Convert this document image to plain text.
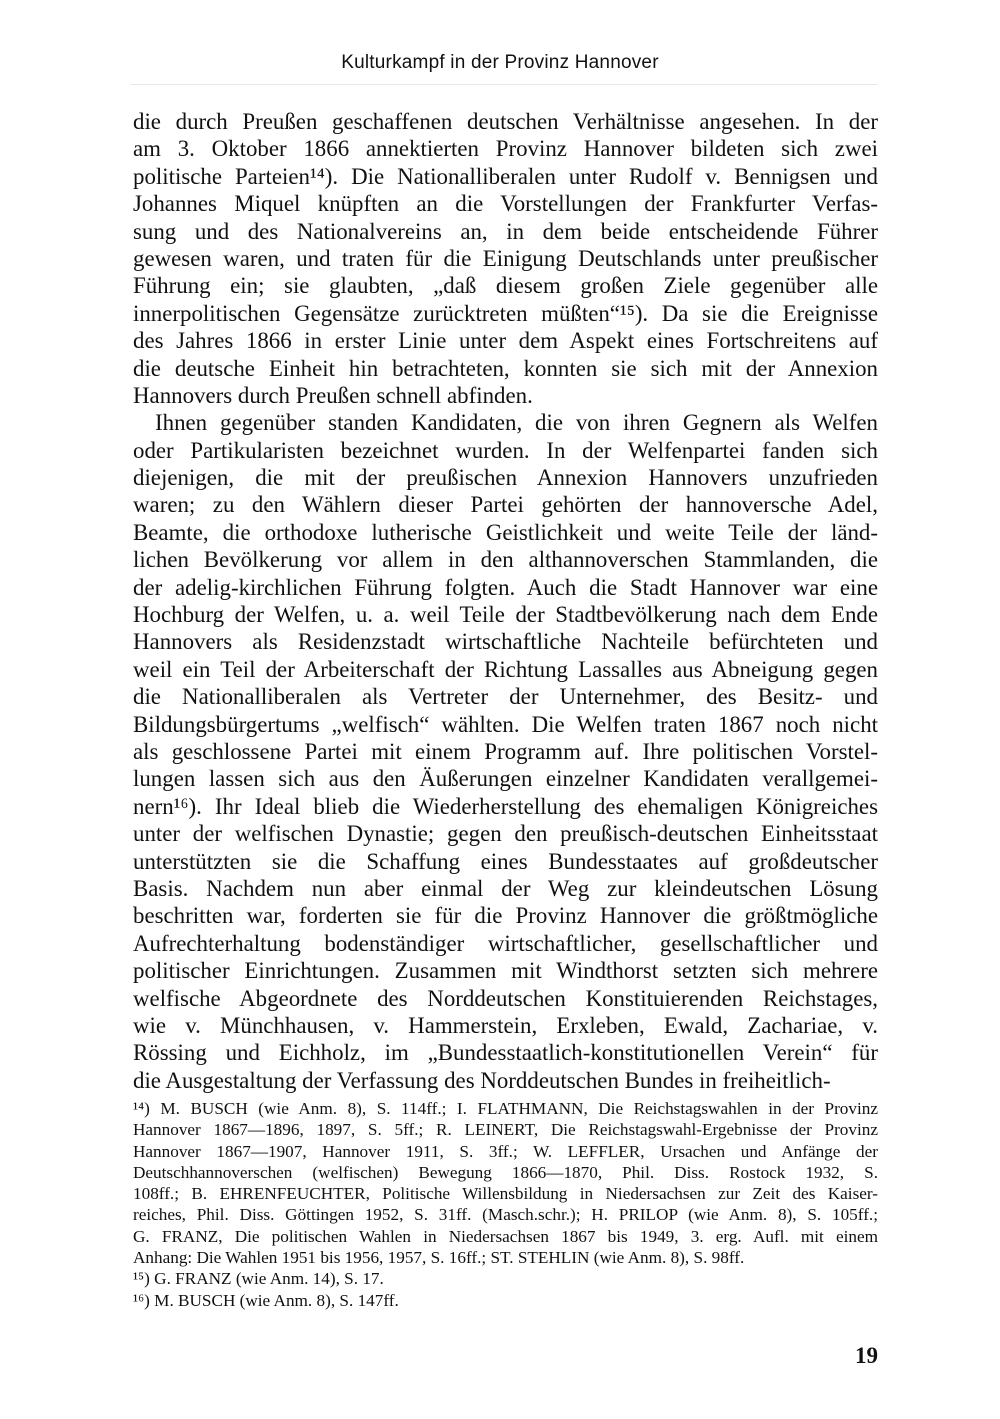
Kulturkampf in der Provinz Hannover
die durch Preußen geschaffenen deutschen Verhältnisse angesehen. In der
am 3. Oktober 1866 annektierten Provinz Hannover bildeten sich zwei
politische Parteien¹⁴). Die Nationalliberalen unter Rudolf v. Bennigsen und
Johannes Miquel knüpften an die Vorstellungen der Frankfurter Verfas-
sung und des Nationalvereins an, in dem beide entscheidende Führer
gewesen waren, und traten für die Einigung Deutschlands unter preußischer
Führung ein; sie glaubten, „daß diesem großen Ziele gegenüber alle
innerpolitischen Gegensätze zurücktreten müßten“¹⁵). Da sie die Ereignisse
des Jahres 1866 in erster Linie unter dem Aspekt eines Fortschreitens auf
die deutsche Einheit hin betrachteten, konnten sie sich mit der Annexion
Hannovers durch Preußen schnell abfinden.
Ihnen gegenüber standen Kandidaten, die von ihren Gegnern als Welfen
oder Partikularisten bezeichnet wurden. In der Welfenpartei fanden sich
diejenigen, die mit der preußischen Annexion Hannovers unzufrieden
waren; zu den Wählern dieser Partei gehörten der hannoversche Adel,
Beamte, die orthodoxe lutherische Geistlichkeit und weite Teile der länd-
lichen Bevölkerung vor allem in den althannoverschen Stammlanden, die
der adelig-kirchlichen Führung folgten. Auch die Stadt Hannover war eine
Hochburg der Welfen, u. a. weil Teile der Stadtbevölkerung nach dem Ende
Hannovers als Residenzstadt wirtschaftliche Nachteile befürchteten und
weil ein Teil der Arbeiterschaft der Richtung Lassalles aus Abneigung gegen
die Nationalliberalen als Vertreter der Unternehmer, des Besitz- und
Bildungsbürgertums „welfisch“ wählten. Die Welfen traten 1867 noch nicht
als geschlossene Partei mit einem Programm auf. Ihre politischen Vorstel-
lungen lassen sich aus den Äußerungen einzelner Kandidaten verallgemei-
nern¹⁶). Ihr Ideal blieb die Wiederherstellung des ehemaligen Königreiches
unter der welfischen Dynastie; gegen den preußisch-deutschen Einheitsstaat
unterstützten sie die Schaffung eines Bundesstaates auf großdeutscher
Basis. Nachdem nun aber einmal der Weg zur kleindeutschen Lösung
beschritten war, forderten sie für die Provinz Hannover die größtmögliche
Aufrechterhaltung bodenständiger wirtschaftlicher, gesellschaftlicher und
politischer Einrichtungen. Zusammen mit Windthorst setzten sich mehrere
welfische Abgeordnete des Norddeutschen Konstituierenden Reichstages,
wie v. Münchhausen, v. Hammerstein, Erxleben, Ewald, Zachariae, v.
Rössing und Eichholz, im „Bundesstaatlich-konstitutionellen Verein“ für
die Ausgestaltung der Verfassung des Norddeutschen Bundes in freiheitlich-
¹⁴) M. BUSCH (wie Anm. 8), S. 114ff.; I. FLATHMANN, Die Reichstagswahlen in der Provinz
Hannover 1867—1896, 1897, S. 5ff.; R. LEINERT, Die Reichstagswahl-Ergebnisse der Provinz
Hannover 1867—1907, Hannover 1911, S. 3ff.; W. LEFFLER, Ursachen und Anfänge der
Deutschhannoverschen (welfischen) Bewegung 1866—1870, Phil. Diss. Rostock 1932, S.
108ff.; B. EHRENFEUCHTER, Politische Willensbildung in Niedersachsen zur Zeit des Kaiser-
reiches, Phil. Diss. Göttingen 1952, S. 31ff. (Masch.schr.); H. PRILOP (wie Anm. 8), S. 105ff.;
G. FRANZ, Die politischen Wahlen in Niedersachsen 1867 bis 1949, 3. erg. Aufl. mit einem
Anhang: Die Wahlen 1951 bis 1956, 1957, S. 16ff.; ST. STEHLIN (wie Anm. 8), S. 98ff.
¹⁵) G. FRANZ (wie Anm. 14), S. 17.
¹⁶) M. BUSCH (wie Anm. 8), S. 147ff.
19
